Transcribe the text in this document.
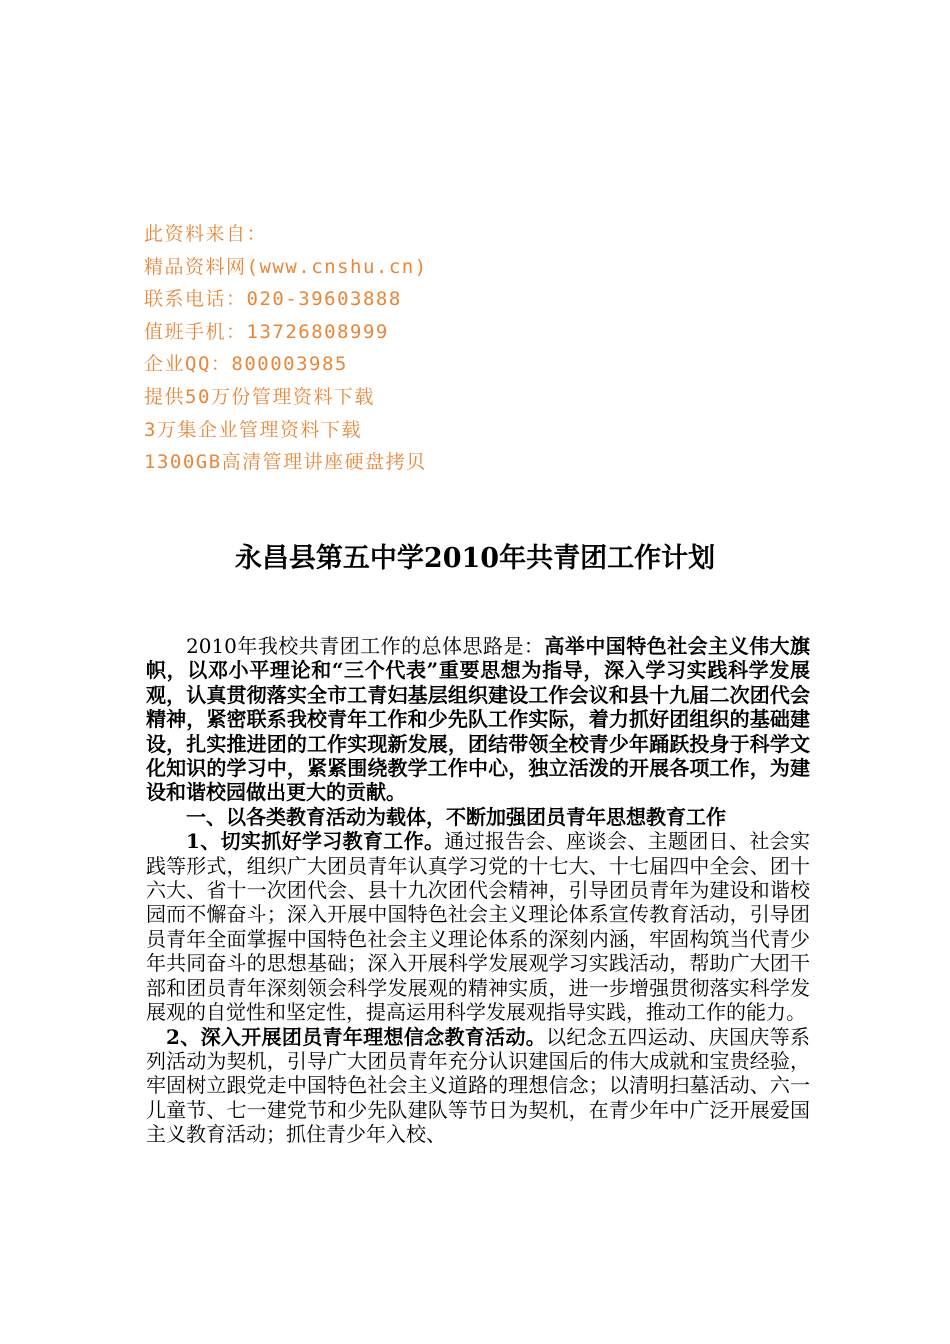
此资料来自：
精品资料网(www.cnshu.cn)
联系电话：020-39603888
值班手机：13726808999
企业QQ：800003985
提供50万份管理资料下载
3万集企业管理资料下载
1300GB高清管理讲座硬盘拷贝
永昌县第五中学2010年共青团工作计划

2010年我校共青团工作的总体思路是：高举中国特色社会主义伟大旗帜，以邓小平理论和“三个代表”重要思想为指导，深入学习实践科学发展观，认真贯彻落实全市工青妇基层组织建设工作会议和县十九届二次团代会精神，紧密联系我校青年工作和少先队工作实际，着力抓好团组织的基础建设，扎实推进团的工作实现新发展，团结带领全校青少年踊跃投身于科学文化知识的学习中，紧紧围绕教学工作中心，独立活泼的开展各项工作，为建设和谐校园做出更大的贡献。

一、以各类教育活动为载体，不断加强团员青年思想教育工作

1、切实抓好学习教育工作。通过报告会、座谈会、主题团日、社会实践等形式，组织广大团员青年认真学习党的十七大、十七届四中全会、团十六大、省十一次团代会、县十九次团代会精神，引导团员青年为建设和谐校园而不懈奋斗；深入开展中国特色社会主义理论体系宣传教育活动，引导团员青年全面掌握中国特色社会主义理论体系的深刻内涵，牢固构筑当代青少年共同奋斗的思想基础；深入开展科学发展观学习实践活动，帮助广大团干部和团员青年深刻领会科学发展观的精神实质，进一步增强贯彻落实科学发展观的自觉性和坚定性，提高运用科学发展观指导实践，推动工作的能力。

2、深入开展团员青年理想信念教育活动。以纪念五四运动、庆国庆等系列活动为契机，引导广大团员青年充分认识建国后的伟大成就和宝贵经验，牢固树立跟党走中国特色社会主义道路的理想信念；以清明扫墓活动、六一儿童节、七一建党节和少先队建队等节日为契机，在青少年中广泛开展爱国主义教育活动；抓住青少年入校、
